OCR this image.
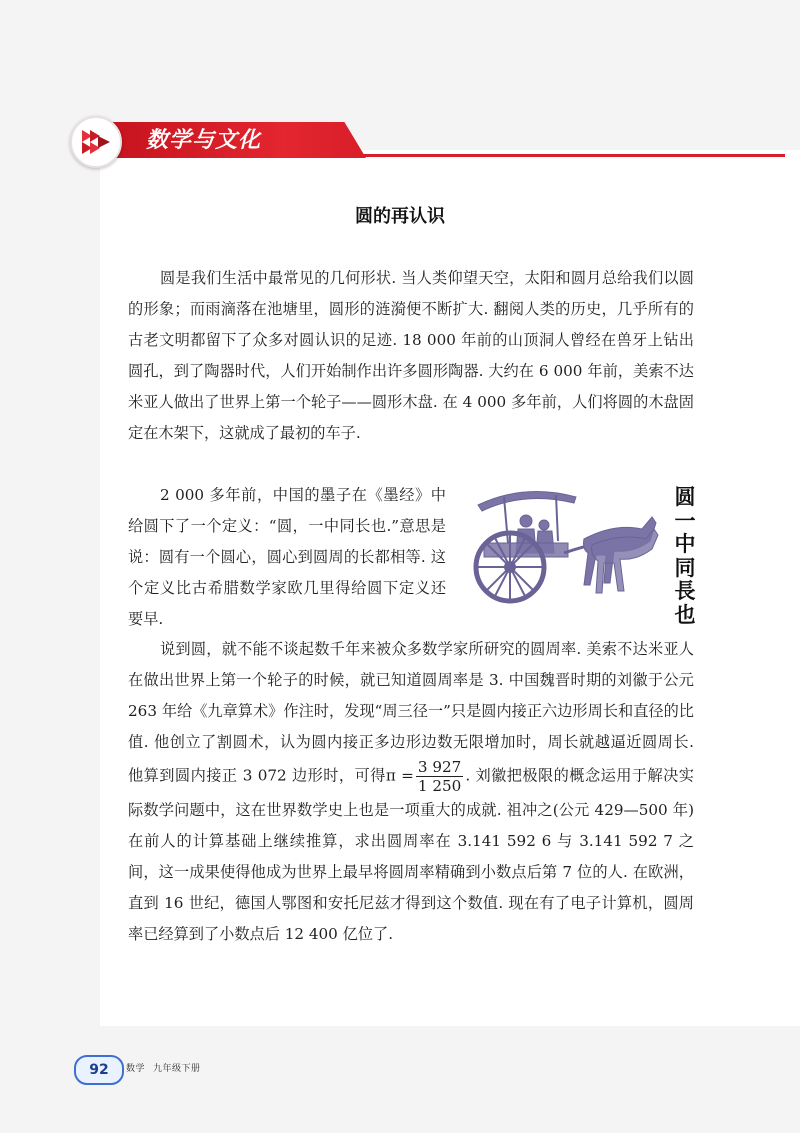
数学与文化
圆的再认识

圆是我们生活中最常见的几何形状. 当人类仰望天空，太阳和圆月总给我们以圆的形象；而雨滴落在池塘里，圆形的涟漪便不断扩大. 翻阅人类的历史，几乎所有的古老文明都留下了众多对圆认识的足迹. 18 000 年前的山顶洞人曾经在兽牙上钻出圆孔，到了陶器时代，人们开始制作出许多圆形陶器. 大约在 6 000 年前，美索不达米亚人做出了世界上第一个轮子——圆形木盘. 在 4 000 多年前，人们将圆的木盘固定在木架下，这就成了最初的车子.

2 000 多年前，中国的墨子在《墨经》中给圆下了一个定义：“圆，一中同长也.”意思是说：圆有一个圆心，圆心到圆周的长都相等. 这个定义比古希腊数学家欧几里得给圆下定义还要早.

圆
一
中
同
長
也

说到圆，就不能不谈起数千年来被众多数学家所研究的圆周率. 美索不达米亚人在做出世界上第一个轮子的时候，就已知道圆周率是 3. 中国魏晋时期的刘徽于公元 263 年给《九章算术》作注时，发现“周三径一”只是圆内接正六边形周长和直径的比值. 他创立了割圆术，认为圆内接正多边形边数无限增加时，周长就越逼近圆周长. 他算到圆内接正 3 072 边形时，可得$\pi = \frac{3 927}{1 250}$ . 刘徽把极限的概念运用于解决实际数学问题中，这在世界数学史上也是一项重大的成就. 祖冲之(公元 429—500 年) 在前人的计算基础上继续推算，求出圆周率在 3.141 592 6 与 3.141 592 7 之间，这一成果使得他成为世界上最早将圆周率精确到小数点后第 7 位的人. 在欧洲，直到 16 世纪，德国人鄂图和安托尼兹才得到这个数值. 现在有了电子计算机，圆周率已经算到了小数点后 12 400 亿位了.

92	数学 九年级下册
